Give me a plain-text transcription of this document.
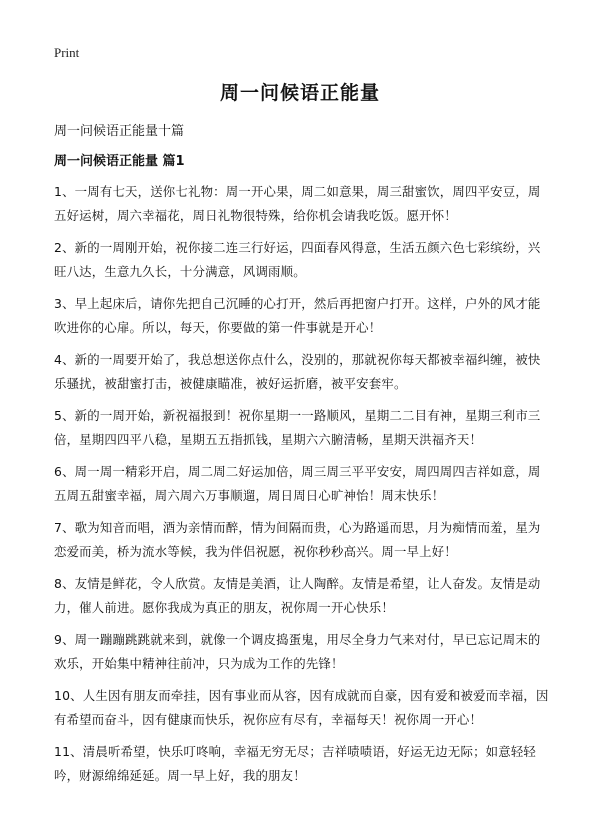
Print
周一问候语正能量
周一问候语正能量十篇
周一问候语正能量 篇1

1、一周有七天，送你七礼物：周一开心果，周二如意果，周三甜蜜饮，周四平安豆，周五好运树，周六幸福花，周日礼物很特殊，给你机会请我吃饭。愿开怀！

2、新的一周刚开始，祝你接二连三行好运，四面春风得意，生活五颜六色七彩缤纷，兴旺八达，生意九久长，十分满意，风调雨顺。

3、早上起床后，请你先把自己沉睡的心打开，然后再把窗户打开。这样，户外的风才能吹进你的心扉。所以，每天，你要做的第一件事就是开心！

4、新的一周要开始了，我总想送你点什么，没别的，那就祝你每天都被幸福纠缠，被快乐骚扰，被甜蜜打击，被健康瞄准，被好运折磨，被平安套牢。

5、新的一周开始，新祝福报到！祝你星期一一路顺风，星期二二目有神，星期三利市三倍，星期四四平八稳，星期五五指抓钱，星期六六腑清畅，星期天洪福齐天！

6、周一周一精彩开启，周二周二好运加倍，周三周三平平安安，周四周四吉祥如意，周五周五甜蜜幸福，周六周六万事顺遛，周日周日心旷神怡！周末快乐！

7、歌为知音而唱，酒为亲情而醉，情为间隔而贵，心为路遥而思，月为痴情而羞，星为恋爱而美，桥为流水等候，我为伴侣祝愿，祝你秒秒高兴。周一早上好！

8、友情是鲜花，令人欣赏。友情是美酒，让人陶醉。友情是希望，让人奋发。友情是动力，催人前进。愿你我成为真正的朋友，祝你周一开心快乐！

9、周一蹦蹦跳跳就来到，就像一个调皮捣蛋鬼，用尽全身力气来对付，早已忘记周末的欢乐，开始集中精神往前冲，只为成为工作的先锋！

10、人生因有朋友而牵挂，因有事业而从容，因有成就而自豪，因有爱和被爱而幸福，因有希望而奋斗，因有健康而快乐，祝你应有尽有，幸福每天！祝你周一开心！

11、清晨听希望，快乐叮咚响，幸福无穷无尽；吉祥啧啧语，好运无边无际；如意轻轻吟，财源绵绵延延。周一早上好，我的朋友！
